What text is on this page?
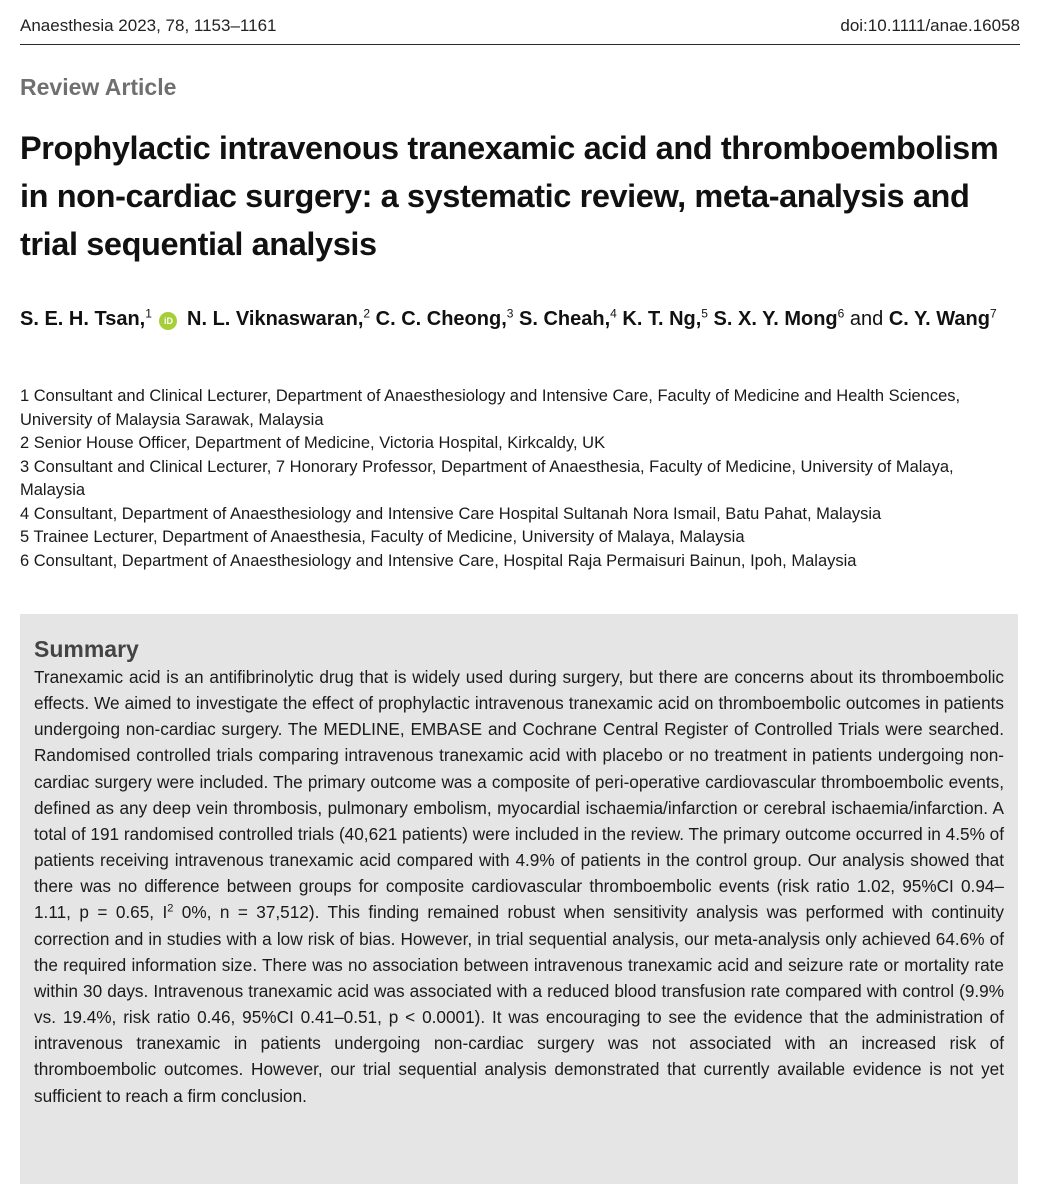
Anaesthesia 2023, 78, 1153–1161	doi:10.1111/anae.16058
Review Article
Prophylactic intravenous tranexamic acid and thromboembolism in non-cardiac surgery: a systematic review, meta-analysis and trial sequential analysis
S. E. H. Tsan,$^1$ iD N. L. Viknaswaran,$^2$ C. C. Cheong,$^3$ S. Cheah,$^4$ K. T. Ng,$^5$ S. X. Y. Mong$^6$ and C. Y. Wang$^7$
1 Consultant and Clinical Lecturer, Department of Anaesthesiology and Intensive Care, Faculty of Medicine and Health Sciences, University of Malaysia Sarawak, Malaysia
2 Senior House Officer, Department of Medicine, Victoria Hospital, Kirkcaldy, UK
3 Consultant and Clinical Lecturer, 7 Honorary Professor, Department of Anaesthesia, Faculty of Medicine, University of Malaya, Malaysia
4 Consultant, Department of Anaesthesiology and Intensive Care Hospital Sultanah Nora Ismail, Batu Pahat, Malaysia
5 Trainee Lecturer, Department of Anaesthesia, Faculty of Medicine, University of Malaya, Malaysia
6 Consultant, Department of Anaesthesiology and Intensive Care, Hospital Raja Permaisuri Bainun, Ipoh, Malaysia
Summary

Tranexamic acid is an antifibrinolytic drug that is widely used during surgery, but there are concerns about its thromboembolic effects. We aimed to investigate the effect of prophylactic intravenous tranexamic acid on thromboembolic outcomes in patients undergoing non-cardiac surgery. The MEDLINE, EMBASE and Cochrane Central Register of Controlled Trials were searched. Randomised controlled trials comparing intravenous tranexamic acid with placebo or no treatment in patients undergoing non-cardiac surgery were included. The primary outcome was a composite of peri-operative cardiovascular thromboembolic events, defined as any deep vein thrombosis, pulmonary embolism, myocardial ischaemia/infarction or cerebral ischaemia/infarction. A total of 191 randomised controlled trials (40,621 patients) were included in the review. The primary outcome occurred in 4.5% of patients receiving intravenous tranexamic acid compared with 4.9% of patients in the control group. Our analysis showed that there was no difference between groups for composite cardiovascular thromboembolic events (risk ratio 1.02, 95%CI 0.94–1.11, p = 0.65, $I^2$ 0%, n = 37,512). This finding remained robust when sensitivity analysis was performed with continuity correction and in studies with a low risk of bias. However, in trial sequential analysis, our meta-analysis only achieved 64.6% of the required information size. There was no association between intravenous tranexamic acid and seizure rate or mortality rate within 30 days. Intravenous tranexamic acid was associated with a reduced blood transfusion rate compared with control (9.9% vs. 19.4%, risk ratio 0.46, 95%CI 0.41–0.51, p < 0.0001). It was encouraging to see the evidence that the administration of intravenous tranexamic in patients undergoing non-cardiac surgery was not associated with an increased risk of thromboembolic outcomes. However, our trial sequential analysis demonstrated that currently available evidence is not yet sufficient to reach a firm conclusion.
